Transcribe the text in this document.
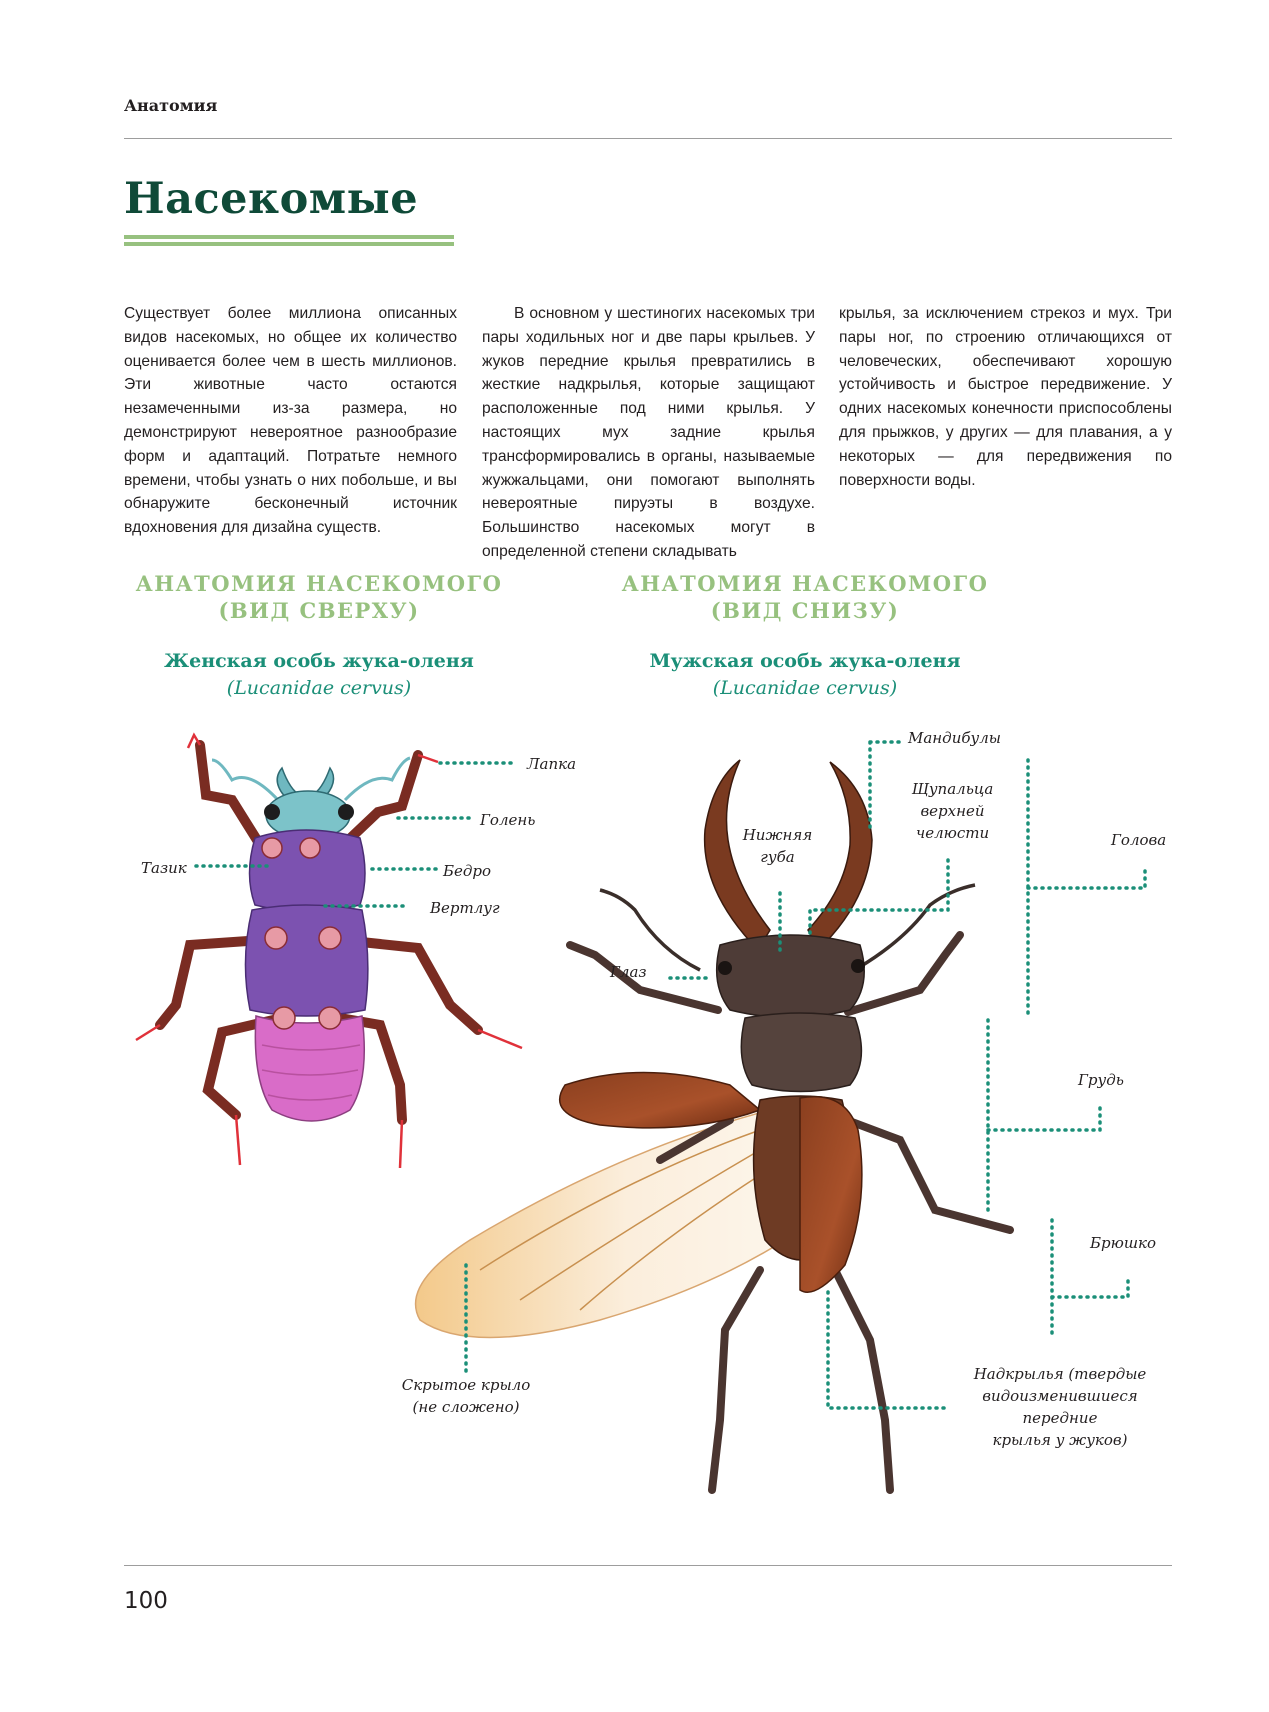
Анатомия
Насекомые
Существует более миллиона описанных видов насекомых, но общее их количество оценивается более чем в шесть миллионов. Эти животные часто остаются незамеченными из-за размера, но демонстрируют невероятное разнообразие форм и адаптаций. Потратьте немного времени, чтобы узнать о них побольше, и вы обнаружите бесконечный источник вдохновения для дизайна существ.
В основном у шестиногих насекомых три пары ходильных ног и две пары крыльев. У жуков передние крылья превратились в жесткие надкрылья, которые защищают расположенные под ними крылья. У настоящих мух задние крылья трансформировались в органы, называемые жужжальцами, они помогают выполнять невероятные пируэты в воздухе. Большинство насекомых могут в определенной степени складывать
крылья, за исключением стрекоз и мух. Три пары ног, по строению отличающихся от человеческих, обеспечивают хорошую устойчивость и быстрое передвижение. У одних насекомых конечности приспособлены для прыжков, у других — для плавания, а у некоторых — для передвижения по поверхности воды.
АНАТОМИЯ НАСЕКОМОГО
(ВИД СВЕРХУ)
Женская особь жука-оленя
(Lucanidae cervus)
АНАТОМИЯ НАСЕКОМОГО
(ВИД СНИЗУ)
Мужская особь жука-оленя
(Lucanidae cervus)
Лапка
Голень
Тазик	Бедро
Вертлуг
Мандибулы
Щупальца
верхней
челюсти
Нижняя
губа
Голова
Глаз
Грудь
Брюшко
Скрытое крыло
(не сложено)
Надкрылья (твердые
видоизменившиеся передние
крылья у жуков)
100
